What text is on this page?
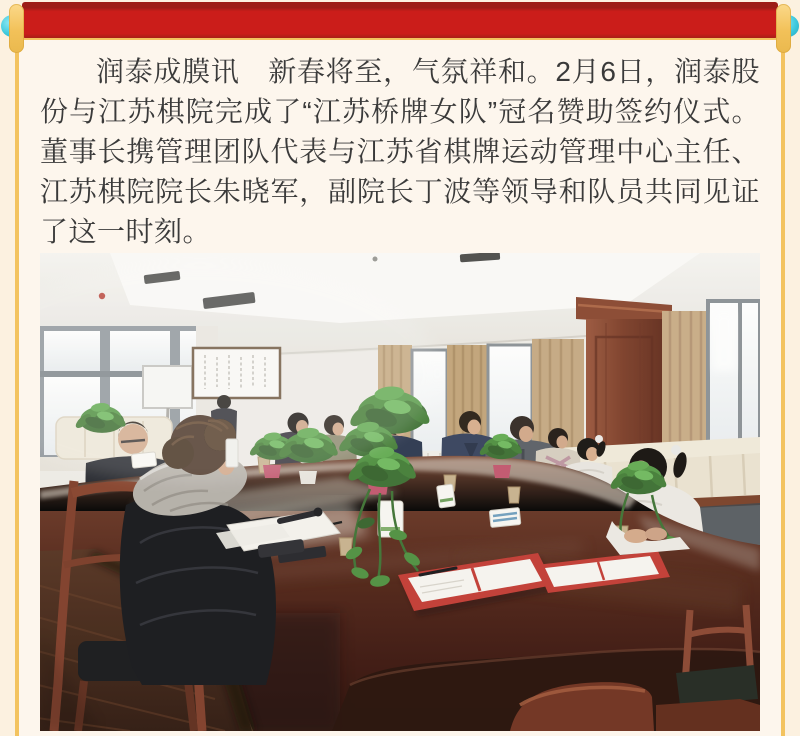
润泰成膜讯　新春将至，气氛祥和。2月6日，润泰股份与江苏棋院完成了“江苏桥牌女队”冠名赞助签约仪式。董事长携管理团队代表与江苏省棋牌运动管理中心主任、江苏棋院院长朱晓军，副院长丁波等领导和队员共同见证了这一时刻。
